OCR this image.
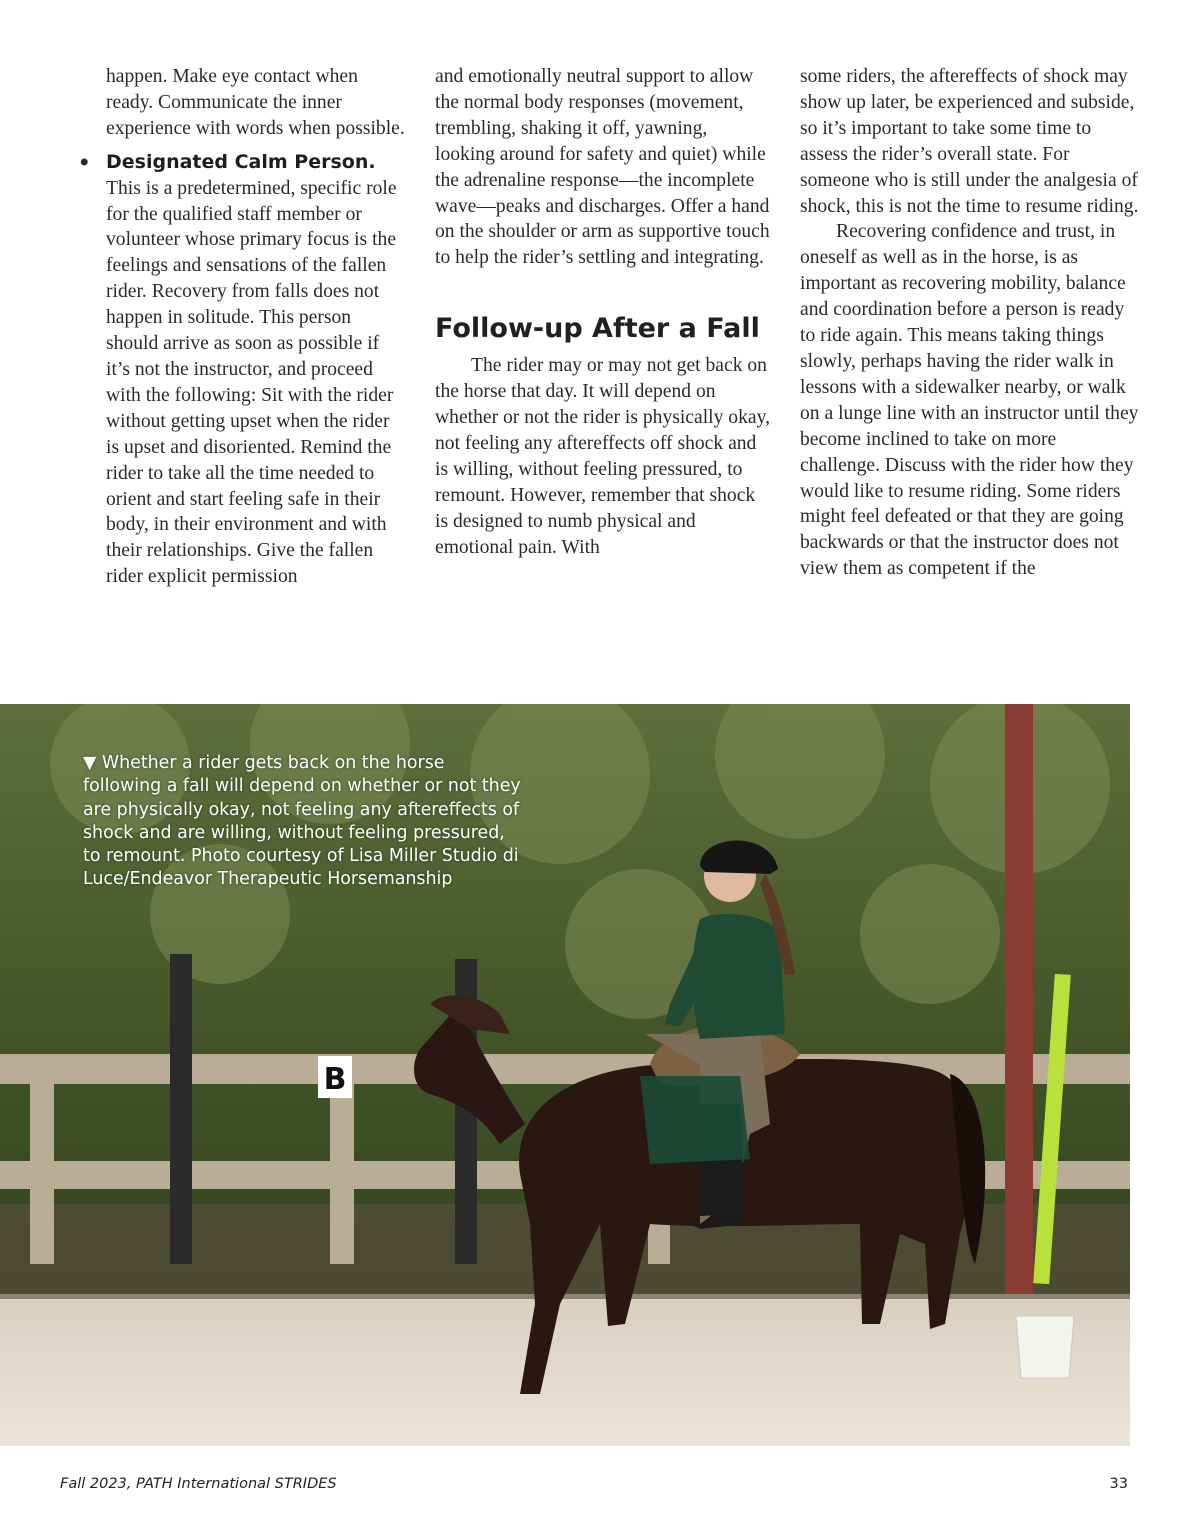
happen. Make eye contact when ready. Communicate the inner experience with words when possible.

• Designated Calm Person.

This is a predetermined, specific role for the qualified staff member or volunteer whose primary focus is the feelings and sensations of the fallen rider. Recovery from falls does not happen in solitude. This person should arrive as soon as possible if it’s not the instructor, and proceed with the following: Sit with the rider without getting upset when the rider is upset and disoriented. Remind the rider to take all the time needed to orient and start feeling safe in their body, in their environment and with their relationships. Give the fallen rider explicit permission

and emotionally neutral support to allow the normal body responses (movement, trembling, shaking it off, yawning, looking around for safety and quiet) while the adrenaline response—the incomplete wave—peaks and discharges. Offer a hand on the shoulder or arm as supportive touch to help the rider’s settling and integrating.

Follow-up After a Fall

The rider may or may not get back on the horse that day. It will depend on whether or not the rider is physically okay, not feeling any aftereffects off shock and is willing, without feeling pressured, to remount. However, remember that shock is designed to numb physical and emotional pain. With

some riders, the aftereffects of shock may show up later, be experienced and subside, so it’s important to take some time to assess the rider’s overall state. For someone who is still under the analgesia of shock, this is not the time to resume riding.

Recovering confidence and trust, in oneself as well as in the horse, is as important as recovering mobility, balance and coordination before a person is ready to ride again. This means taking things slowly, perhaps having the rider walk in lessons with a sidewalker nearby, or walk on a lunge line with an instructor until they become inclined to take on more challenge. Discuss with the rider how they would like to resume riding. Some riders might feel defeated or that they are going backwards or that the instructor does not view them as competent if the

B
▼ Whether a rider gets back on the horse following a fall will depend on whether or not they are physically okay, not feeling any aftereffects of shock and are willing, without feeling pressured, to remount. Photo courtesy of Lisa Miller Studio di Luce/Endeavor Therapeutic Horsemanship
Fall 2023, PATH International STRIDES	33
